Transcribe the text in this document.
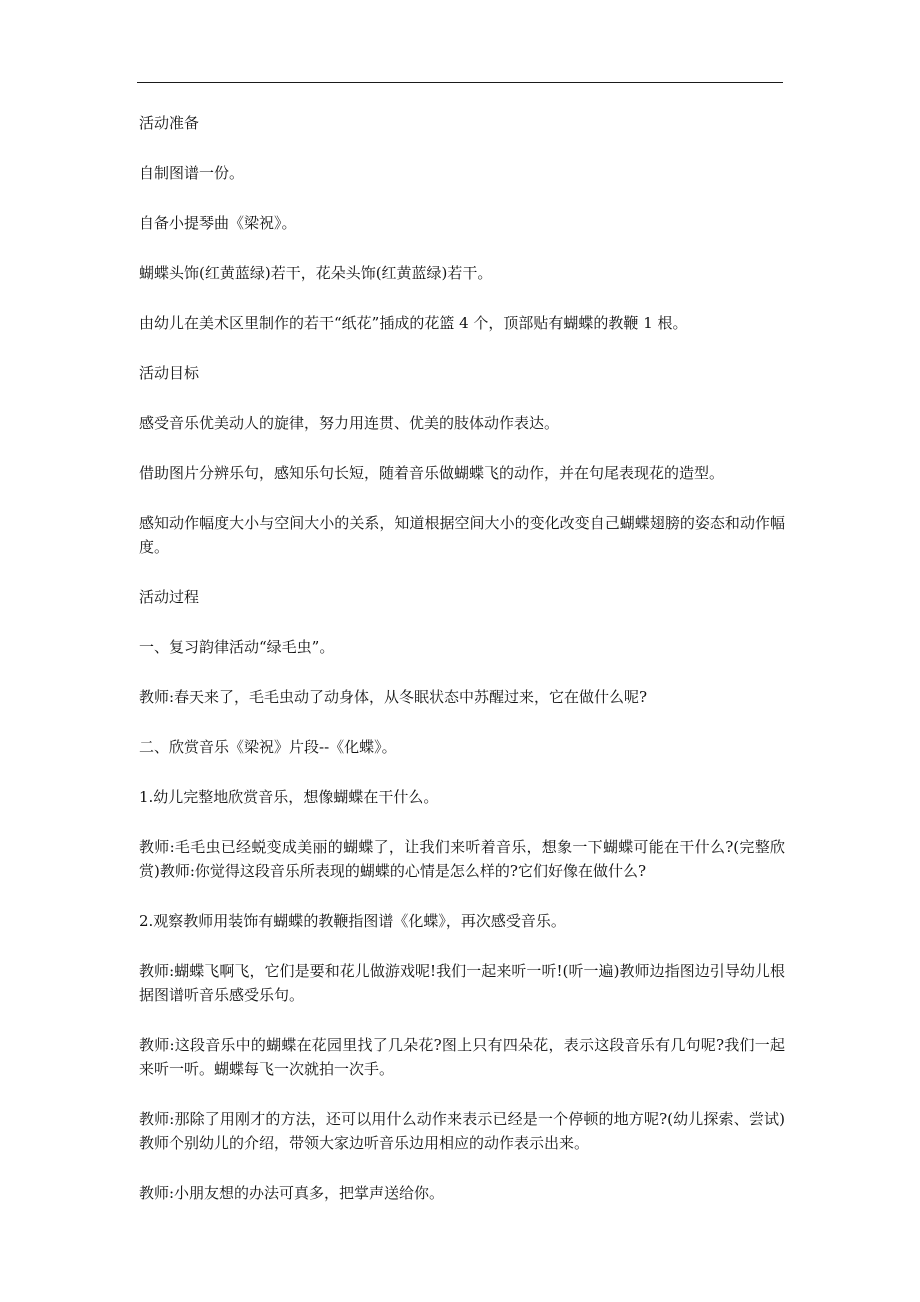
活动准备

自制图谱一份。

自备小提琴曲《梁祝》。

蝴蝶头饰(红黄蓝绿)若干，花朵头饰(红黄蓝绿)若干。

由幼儿在美术区里制作的若干“纸花”插成的花篮 4 个，顶部贴有蝴蝶的教鞭 1 根。

活动目标

感受音乐优美动人的旋律，努力用连贯、优美的肢体动作表达。

借助图片分辨乐句，感知乐句长短，随着音乐做蝴蝶飞的动作，并在句尾表现花的造型。

感知动作幅度大小与空间大小的关系，知道根据空间大小的变化改变自己蝴蝶翅膀的姿态和动作幅度。

活动过程

一、复习韵律活动“绿毛虫”。

教师:春天来了，毛毛虫动了动身体，从冬眠状态中苏醒过来，它在做什么呢?

二、欣赏音乐《梁祝》片段--《化蝶》。

1.幼儿完整地欣赏音乐，想像蝴蝶在干什么。

教师:毛毛虫已经蜕变成美丽的蝴蝶了，让我们来听着音乐，想象一下蝴蝶可能在干什么?(完整欣赏)教师:你觉得这段音乐所表现的蝴蝶的心情是怎么样的?它们好像在做什么?

2.观察教师用装饰有蝴蝶的教鞭指图谱《化蝶》，再次感受音乐。

教师:蝴蝶飞啊飞，它们是要和花儿做游戏呢!我们一起来听一听!(听一遍)教师边指图边引导幼儿根据图谱听音乐感受乐句。

教师:这段音乐中的蝴蝶在花园里找了几朵花?图上只有四朵花，表示这段音乐有几句呢?我们一起来听一听。蝴蝶每飞一次就拍一次手。

教师:那除了用刚才的方法，还可以用什么动作来表示已经是一个停顿的地方呢?(幼儿探索、尝试)教师个别幼儿的介绍，带领大家边听音乐边用相应的动作表示出来。

教师:小朋友想的办法可真多，把掌声送给你。
